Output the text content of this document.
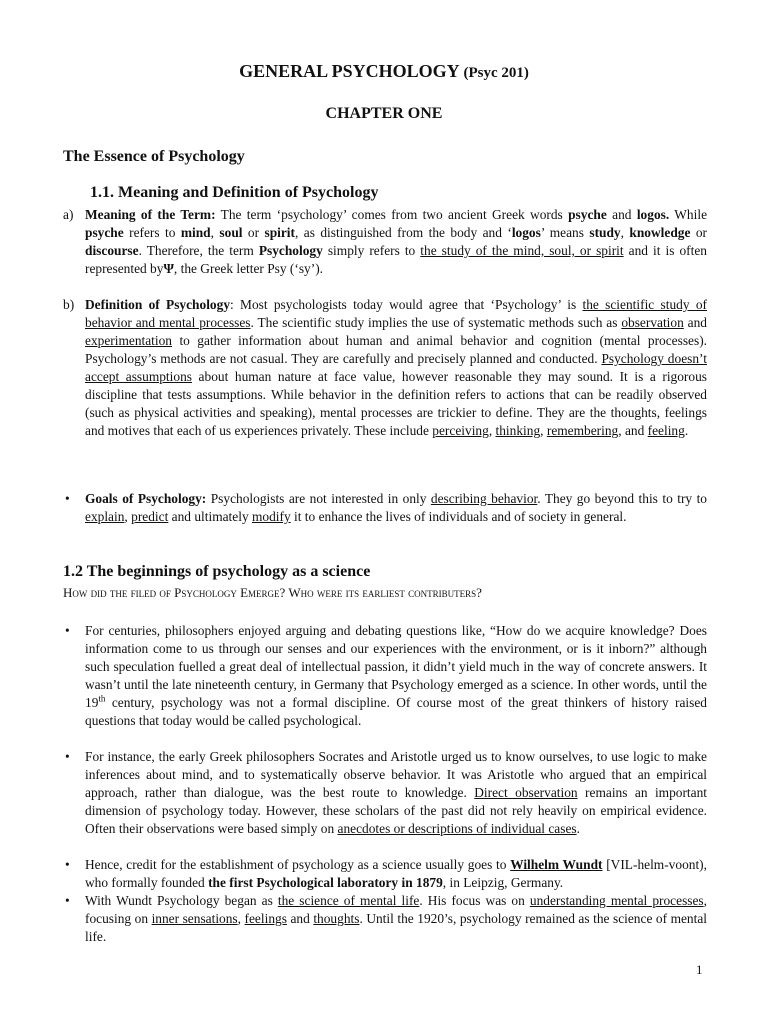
GENERAL PSYCHOLOGY (Psyc 201)
CHAPTER ONE
The Essence of Psychology
1.1. Meaning and Definition of Psychology
a) Meaning of the Term: The term ‘psychology’ comes from two ancient Greek words psyche and logos. While psyche refers to mind, soul or spirit, as distinguished from the body and ‘logos’ means study, knowledge or discourse. Therefore, the term Psychology simply refers to the study of the mind, soul, or spirit and it is often represented byΨ, the Greek letter Psy (‘sy’).
b) Definition of Psychology: Most psychologists today would agree that ‘Psychology’ is the scientific study of behavior and mental processes. The scientific study implies the use of systematic methods such as observation and experimentation to gather information about human and animal behavior and cognition (mental processes). Psychology’s methods are not casual. They are carefully and precisely planned and conducted. Psychology doesn’t accept assumptions about human nature at face value, however reasonable they may sound. It is a rigorous discipline that tests assumptions. While behavior in the definition refers to actions that can be readily observed (such as physical activities and speaking), mental processes are trickier to define. They are the thoughts, feelings and motives that each of us experiences privately. These include perceiving, thinking, remembering, and feeling.
• Goals of Psychology: Psychologists are not interested in only describing behavior. They go beyond this to try to explain, predict and ultimately modify it to enhance the lives of individuals and of society in general.
1.2 The beginnings of psychology as a science
How did the filed of Psychology Emerge? Who were its earliest contributers?
• For centuries, philosophers enjoyed arguing and debating questions like, “How do we acquire knowledge? Does information come to us through our senses and our experiences with the environment, or is it inborn?” although such speculation fuelled a great deal of intellectual passion, it didn’t yield much in the way of concrete answers. It wasn’t until the late nineteenth century, in Germany that Psychology emerged as a science. In other words, until the 19th century, psychology was not a formal discipline. Of course most of the great thinkers of history raised questions that today would be called psychological.
• For instance, the early Greek philosophers Socrates and Aristotle urged us to know ourselves, to use logic to make inferences about mind, and to systematically observe behavior. It was Aristotle who argued that an empirical approach, rather than dialogue, was the best route to knowledge. Direct observation remains an important dimension of psychology today. However, these scholars of the past did not rely heavily on empirical evidence. Often their observations were based simply on anecdotes or descriptions of individual cases.
• Hence, credit for the establishment of psychology as a science usually goes to Wilhelm Wundt [VIL-helm-voont), who formally founded the first Psychological laboratory in 1879, in Leipzig, Germany.
• With Wundt Psychology began as the science of mental life. His focus was on understanding mental processes, focusing on inner sensations, feelings and thoughts. Until the 1920’s, psychology remained as the science of mental life.
1
